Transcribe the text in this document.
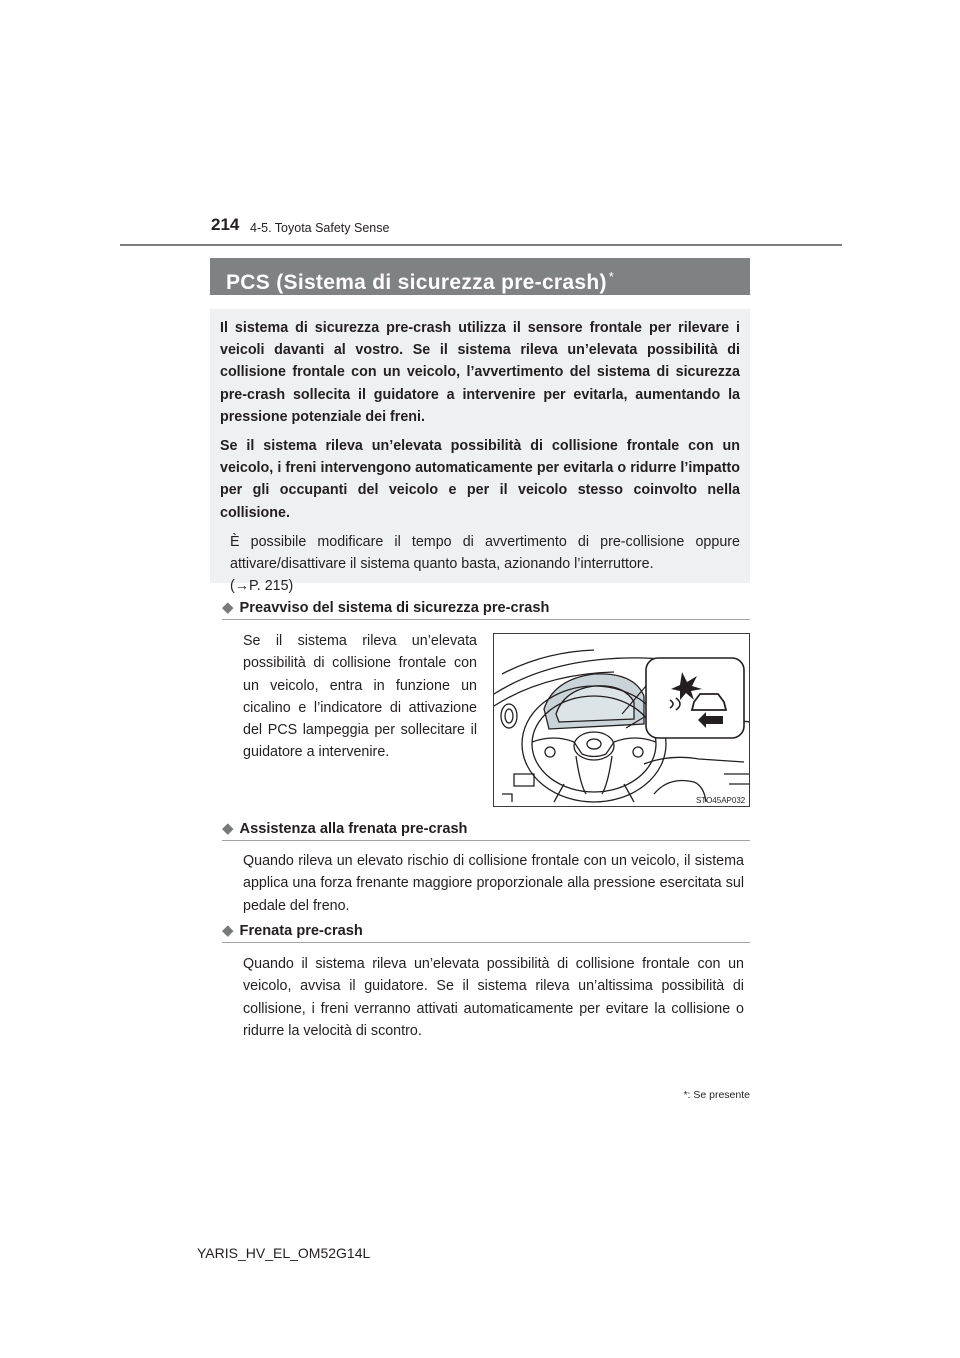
214 4-5. Toyota Safety Sense
PCS (Sistema di sicurezza pre-crash) *

Il sistema di sicurezza pre-crash utilizza il sensore frontale per rilevare i veicoli davanti al vostro. Se il sistema rileva un’elevata possibilità di collisione frontale con un veicolo, l’avvertimento del sistema di sicurezza pre-crash sollecita il guidatore a intervenire per evitarla, aumentando la pressione potenziale dei freni.

Se il sistema rileva un’elevata possibilità di collisione frontale con un veicolo, i freni intervengono automaticamente per evitarla o ridurre l’impatto per gli occupanti del veicolo e per il veicolo stesso coinvolto nella collisione.

È possibile modificare il tempo di avvertimento di pre-collisione oppure attivare/disattivare il sistema quanto basta, azionando l’interruttore.
(→P. 215)

◆ Preavviso del sistema di sicurezza pre-crash

Se il sistema rileva un’elevata possibilità di collisione frontale con un veicolo, entra in funzione un cicalino e l’indicatore di attivazione del PCS lampeggia per sollecitare il guidatore a intervenire.

STO45AP032
◆ Assistenza alla frenata pre-crash

Quando rileva un elevato rischio di collisione frontale con un veicolo, il sistema applica una forza frenante maggiore proporzionale alla pressione esercitata sul pedale del freno.

◆ Frenata pre-crash

Quando il sistema rileva un’elevata possibilità di collisione frontale con un veicolo, avvisa il guidatore. Se il sistema rileva un’altissima possibilità di collisione, i freni verranno attivati automaticamente per evitare la collisione o ridurre la velocità di scontro.

*: Se presente
YARIS_HV_EL_OM52G14L
